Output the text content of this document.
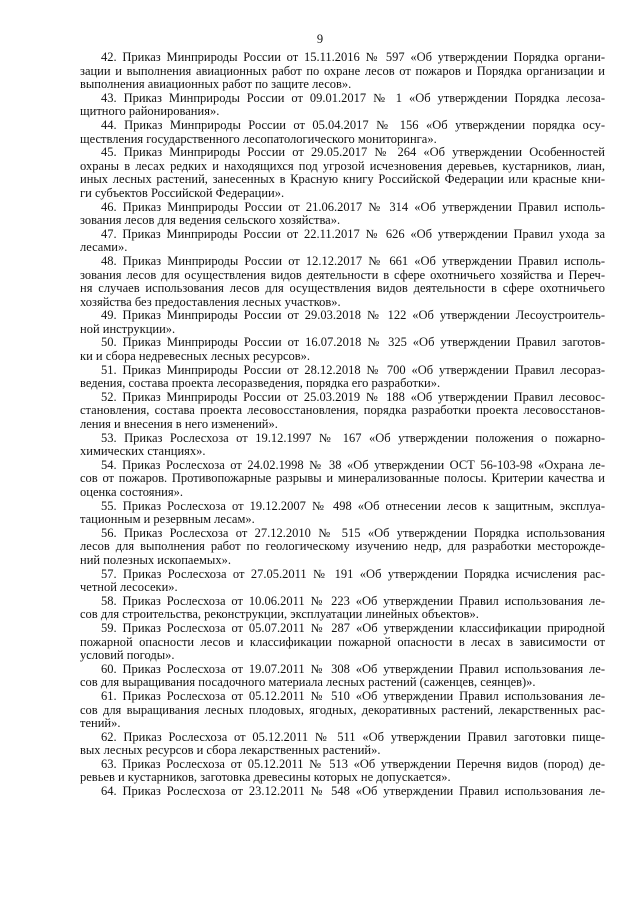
9
42. Приказ Минприроды России от 15.11.2016 № 597 «Об утверждении Порядка органи-
зации и выполнения авиационных работ по охране лесов от пожаров и Порядка организации и
выполнения авиационных работ по защите лесов».
43. Приказ Минприроды России от 09.01.2017 № 1 «Об утверждении Порядка лесоза-
щитного районирования».
44. Приказ Минприроды России от 05.04.2017 № 156 «Об утверждении порядка осу-
ществления государственного лесопатологического мониторинга».
45. Приказ Минприроды России от 29.05.2017 № 264 «Об утверждении Особенностей
охраны в лесах редких и находящихся под угрозой исчезновения деревьев, кустарников, лиан,
иных лесных растений, занесенных в Красную книгу Российской Федерации или красные кни-
ги субъектов Российской Федерации».
46. Приказ Минприроды России от 21.06.2017 № 314 «Об утверждении Правил исполь-
зования лесов для ведения сельского хозяйства».
47. Приказ Минприроды России от 22.11.2017 № 626 «Об утверждении Правил ухода за
лесами».
48. Приказ Минприроды России от 12.12.2017 № 661 «Об утверждении Правил исполь-
зования лесов для осуществления видов деятельности в сфере охотничьего хозяйства и Переч-
ня случаев использования лесов для осуществления видов деятельности в сфере охотничьего
хозяйства без предоставления лесных участков».
49. Приказ Минприроды России от 29.03.2018 № 122 «Об утверждении Лесоустроитель-
ной инструкции».
50. Приказ Минприроды России от 16.07.2018 № 325 «Об утверждении Правил заготов-
ки и сбора недревесных лесных ресурсов».
51. Приказ Минприроды России от 28.12.2018 № 700 «Об утверждении Правил лесораз-
ведения, состава проекта лесоразведения, порядка его разработки».
52. Приказ Минприроды России от 25.03.2019 № 188 «Об утверждении Правил лесовос-
становления, состава проекта лесовосстановления, порядка разработки проекта лесовосстанов-
ления и внесения в него изменений».
53. Приказ Рослесхоза от 19.12.1997 № 167 «Об утверждении положения о пожарно-
химических станциях».
54. Приказ Рослесхоза от 24.02.1998 № 38 «Об утверждении ОСТ 56-103-98 «Охрана ле-
сов от пожаров. Противопожарные разрывы и минерализованные полосы. Критерии качества и
оценка состояния».
55. Приказ Рослесхоза от 19.12.2007 № 498 «Об отнесении лесов к защитным, эксплуа-
тационным и резервным лесам».
56. Приказ Рослесхоза от 27.12.2010 № 515 «Об утверждении Порядка использования
лесов для выполнения работ по геологическому изучению недр, для разработки месторожде-
ний полезных ископаемых».
57. Приказ Рослесхоза от 27.05.2011 № 191 «Об утверждении Порядка исчисления рас-
четной лесосеки».
58. Приказ Рослесхоза от 10.06.2011 № 223 «Об утверждении Правил использования ле-
сов для строительства, реконструкции, эксплуатации линейных объектов».
59. Приказ Рослесхоза от 05.07.2011 № 287 «Об утверждении классификации природной
пожарной опасности лесов и классификации пожарной опасности в лесах в зависимости от
условий погоды».
60. Приказ Рослесхоза от 19.07.2011 № 308 «Об утверждении Правил использования ле-
сов для выращивания посадочного материала лесных растений (саженцев, сеянцев)».
61. Приказ Рослесхоза от 05.12.2011 № 510 «Об утверждении Правил использования ле-
сов для выращивания лесных плодовых, ягодных, декоративных растений, лекарственных рас-
тений».
62. Приказ Рослесхоза от 05.12.2011 № 511 «Об утверждении Правил заготовки пище-
вых лесных ресурсов и сбора лекарственных растений».
63. Приказ Рослесхоза от 05.12.2011 № 513 «Об утверждении Перечня видов (пород) де-
ревьев и кустарников, заготовка древесины которых не допускается».
64. Приказ Рослесхоза от 23.12.2011 № 548 «Об утверждении Правил использования ле-
